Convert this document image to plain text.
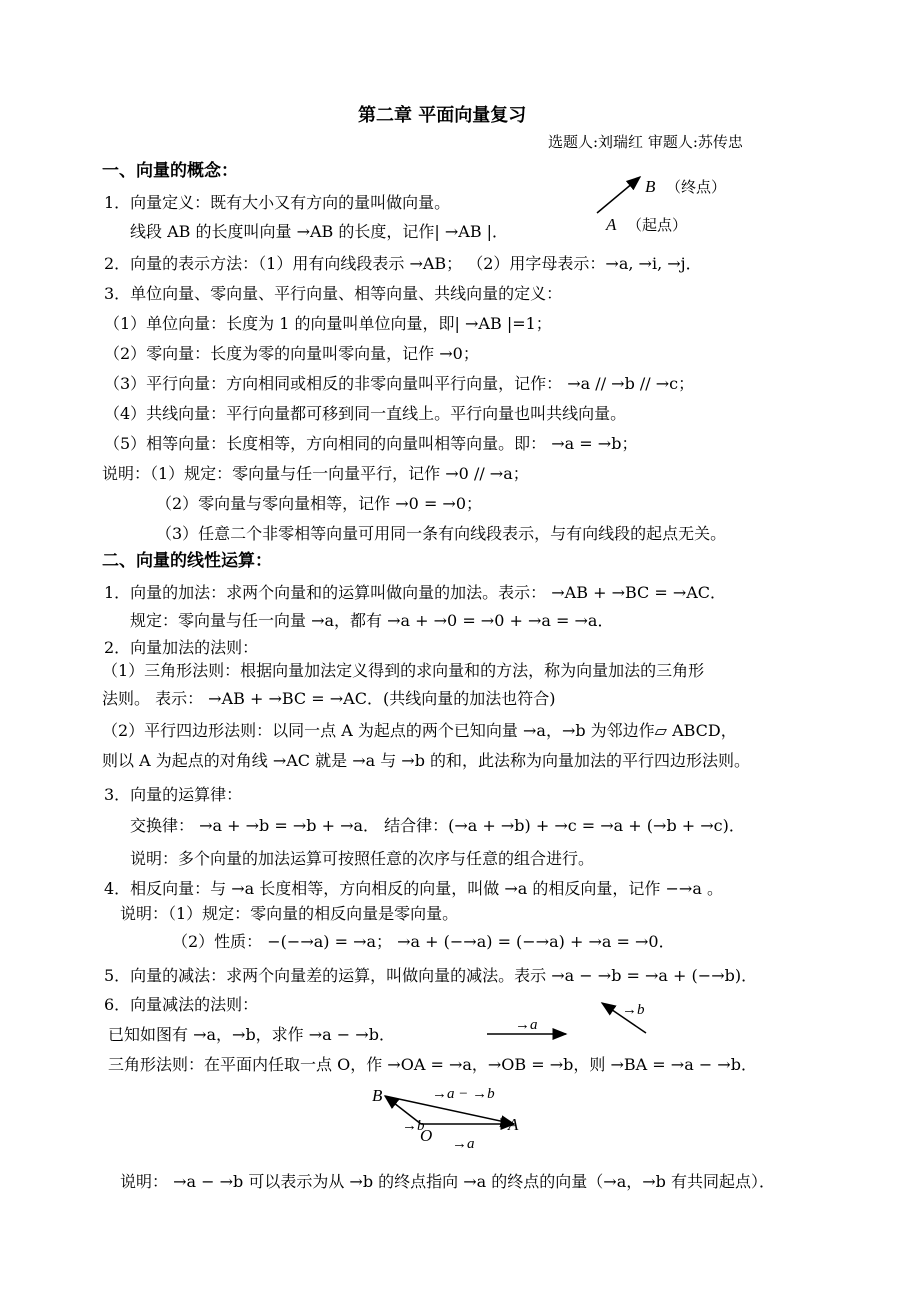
第二章 平面向量复习
选题人:刘瑞红 审题人:苏传忠
一、向量的概念：
1．向量定义：既有大小又有方向的量叫做向量。
线段 AB 的长度叫向量 →AB 的长度，记作| →AB |．
2．向量的表示方法：（1）用有向线段表示 →AB； （2）用字母表示：→a, →i, →j．
3．单位向量、零向量、平行向量、相等向量、共线向量的定义：
（1）单位向量：长度为 1 的向量叫单位向量，即| →AB |=1；
（2）零向量：长度为零的向量叫零向量，记作 →0；
（3）平行向量：方向相同或相反的非零向量叫平行向量，记作： →a // →b // →c；
（4）共线向量：平行向量都可移到同一直线上。平行向量也叫共线向量。
（5）相等向量：长度相等，方向相同的向量叫相等向量。即： →a = →b；
说明：（1）规定：零向量与任一向量平行，记作 →0 // →a；
（2）零向量与零向量相等，记作 →0 = →0；
（3）任意二个非零相等向量可用同一条有向线段表示，与有向线段的起点无关。
B （终点）
A （起点）
二、向量的线性运算：
1．向量的加法：求两个向量和的运算叫做向量的加法。表示： →AB + →BC = →AC．
规定：零向量与任一向量 →a，都有 →a + →0 = →0 + →a = →a．
2．向量加法的法则：
（1）三角形法则：根据向量加法定义得到的求向量和的方法，称为向量加法的三角形
法则。 表示： →AB + →BC = →AC．(共线向量的加法也符合)
（2）平行四边形法则：以同一点 A 为起点的两个已知向量 →a，→b 为邻边作▱ ABCD，
则以 A 为起点的对角线 →AC 就是 →a 与 →b 的和，此法称为向量加法的平行四边形法则。
3．向量的运算律：
交换律： →a + →b = →b + →a． 结合律：(→a + →b) + →c = →a + (→b + →c)．
说明：多个向量的加法运算可按照任意的次序与任意的组合进行。
4．相反向量：与 →a 长度相等，方向相反的向量，叫做 →a 的相反向量，记作 −→a 。
说明：（1）规定：零向量的相反向量是零向量。
（2）性质： −(−→a) = →a； →a + (−→a) = (−→a) + →a = →0．
5．向量的减法：求两个向量差的运算，叫做向量的减法。表示 →a − →b = →a + (−→b)．
6．向量减法的法则：
已知如图有 →a，→b，求作 →a − →b．
三角形法则：在平面内任取一点 O，作 →OA = →a，→OB = →b，则 →BA = →a − →b．
说明： →a − →b 可以表示为从 →b 的终点指向 →a 的终点的向量（→a，→b 有共同起点）．
→a
→b
B
O
A
→a − →b
→a
→b
